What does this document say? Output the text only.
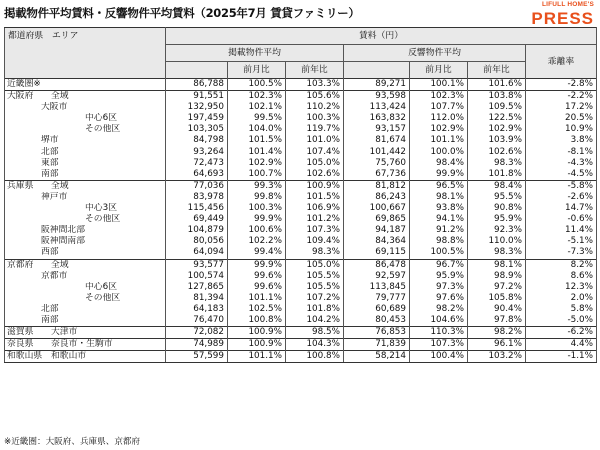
掲載物件平均賃料・反響物件平均賃料（2025年7月 賃貸ファミリー）
LIFULL HOME'S
PRESS
都道府県　エリア	賃料（円）						
	掲載物件平均			反響物件平均			乖離率
		前月比	前年比		前月比	前年比	
近畿圏※	86,788	100.5%	103.3%	89,271	100.1%	101.6%	-2.8%
大阪府　　全域	91,551	102.3%	105.6%	93,598	102.3%	103.8%	-2.2%
大阪市	132,950	102.1%	110.2%	113,424	107.7%	109.5%	17.2%
中心6区	197,459	99.5%	100.3%	163,832	112.0%	122.5%	20.5%
その他区	103,305	104.0%	119.7%	93,157	102.9%	102.9%	10.9%
堺市	84,798	101.5%	101.0%	81,674	101.1%	103.9%	3.8%
北部	93,264	101.4%	107.4%	101,442	100.0%	102.6%	-8.1%
東部	72,473	102.9%	105.0%	75,760	98.4%	98.3%	-4.3%
南部	64,693	100.7%	102.6%	67,736	99.9%	101.8%	-4.5%
兵庫県　　全域	77,036	99.3%	100.9%	81,812	96.5%	98.4%	-5.8%
神戸市	83,978	99.8%	101.5%	86,243	98.1%	95.5%	-2.6%
中心3区	115,456	100.3%	106.9%	100,667	93.8%	90.8%	14.7%
その他区	69,449	99.9%	101.2%	69,865	94.1%	95.9%	-0.6%
阪神間北部	104,879	100.6%	107.3%	94,187	91.2%	92.3%	11.4%
阪神間南部	80,056	102.2%	109.4%	84,364	98.8%	110.0%	-5.1%
西部	64,094	99.4%	98.3%	69,115	100.5%	98.3%	-7.3%
京都府　　全域	93,577	99.9%	105.0%	86,478	96.7%	98.1%	8.2%
京都市	100,574	99.6%	105.5%	92,597	95.9%	98.9%	8.6%
中心6区	127,865	99.6%	105.5%	113,845	97.3%	97.2%	12.3%
その他区	81,394	101.1%	107.2%	79,777	97.6%	105.8%	2.0%
北部	64,183	102.5%	101.8%	60,689	98.2%	90.4%	5.8%
南部	76,470	100.8%	104.2%	80,453	104.6%	97.8%	-5.0%
滋賀県　　大津市	72,082	100.9%	98.5%	76,853	110.3%	98.2%	-6.2%
奈良県　　奈良市・生駒市	74,989	100.9%	104.3%	71,839	107.3%	96.1%	4.4%
和歌山県　和歌山市	57,599	101.1%	100.8%	58,214	100.4%	103.2%	-1.1%
※近畿圏：大阪府、兵庫県、京都府
